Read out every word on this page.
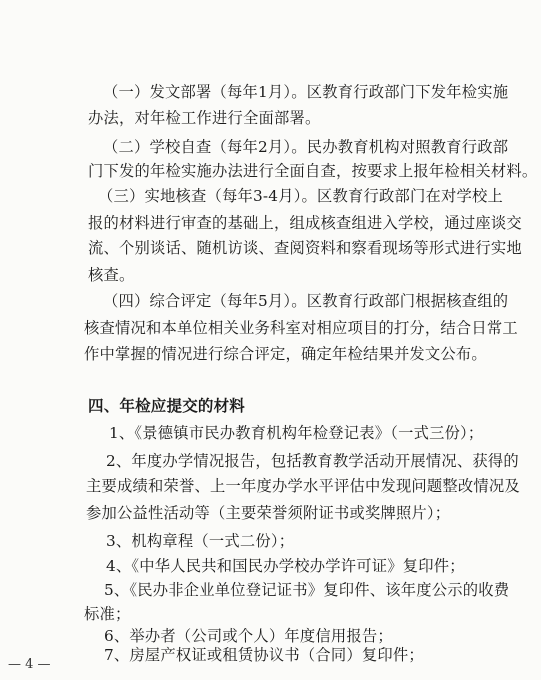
（一）发文部署（每年1月）。区教育行政部门下发年检实施
办法，对年检工作进行全面部署。
（二）学校自查（每年2月）。民办教育机构对照教育行政部
门下发的年检实施办法进行全面自查，按要求上报年检相关材料。
（三）实地核查（每年3-4月）。区教育行政部门在对学校上
报的材料进行审查的基础上，组成核查组进入学校，通过座谈交
流、个别谈话、随机访谈、查阅资料和察看现场等形式进行实地
核查。
（四）综合评定（每年5月）。区教育行政部门根据核查组的
核查情况和本单位相关业务科室对相应项目的打分，结合日常工
作中掌握的情况进行综合评定，确定年检结果并发文公布。
四、年检应提交的材料
1、《景德镇市民办教育机构年检登记表》（一式三份）；
2、年度办学情况报告，包括教育教学活动开展情况、获得的
主要成绩和荣誉、上一年度办学水平评估中发现问题整改情况及
参加公益性活动等（主要荣誉须附证书或奖牌照片）；
3、机构章程（一式二份）；
4、《中华人民共和国民办学校办学许可证》复印件；
5、《民办非企业单位登记证书》复印件、该年度公示的收费
标准；
6、举办者（公司或个人）年度信用报告；
7、房屋产权证或租赁协议书（合同）复印件；
— 4 —
